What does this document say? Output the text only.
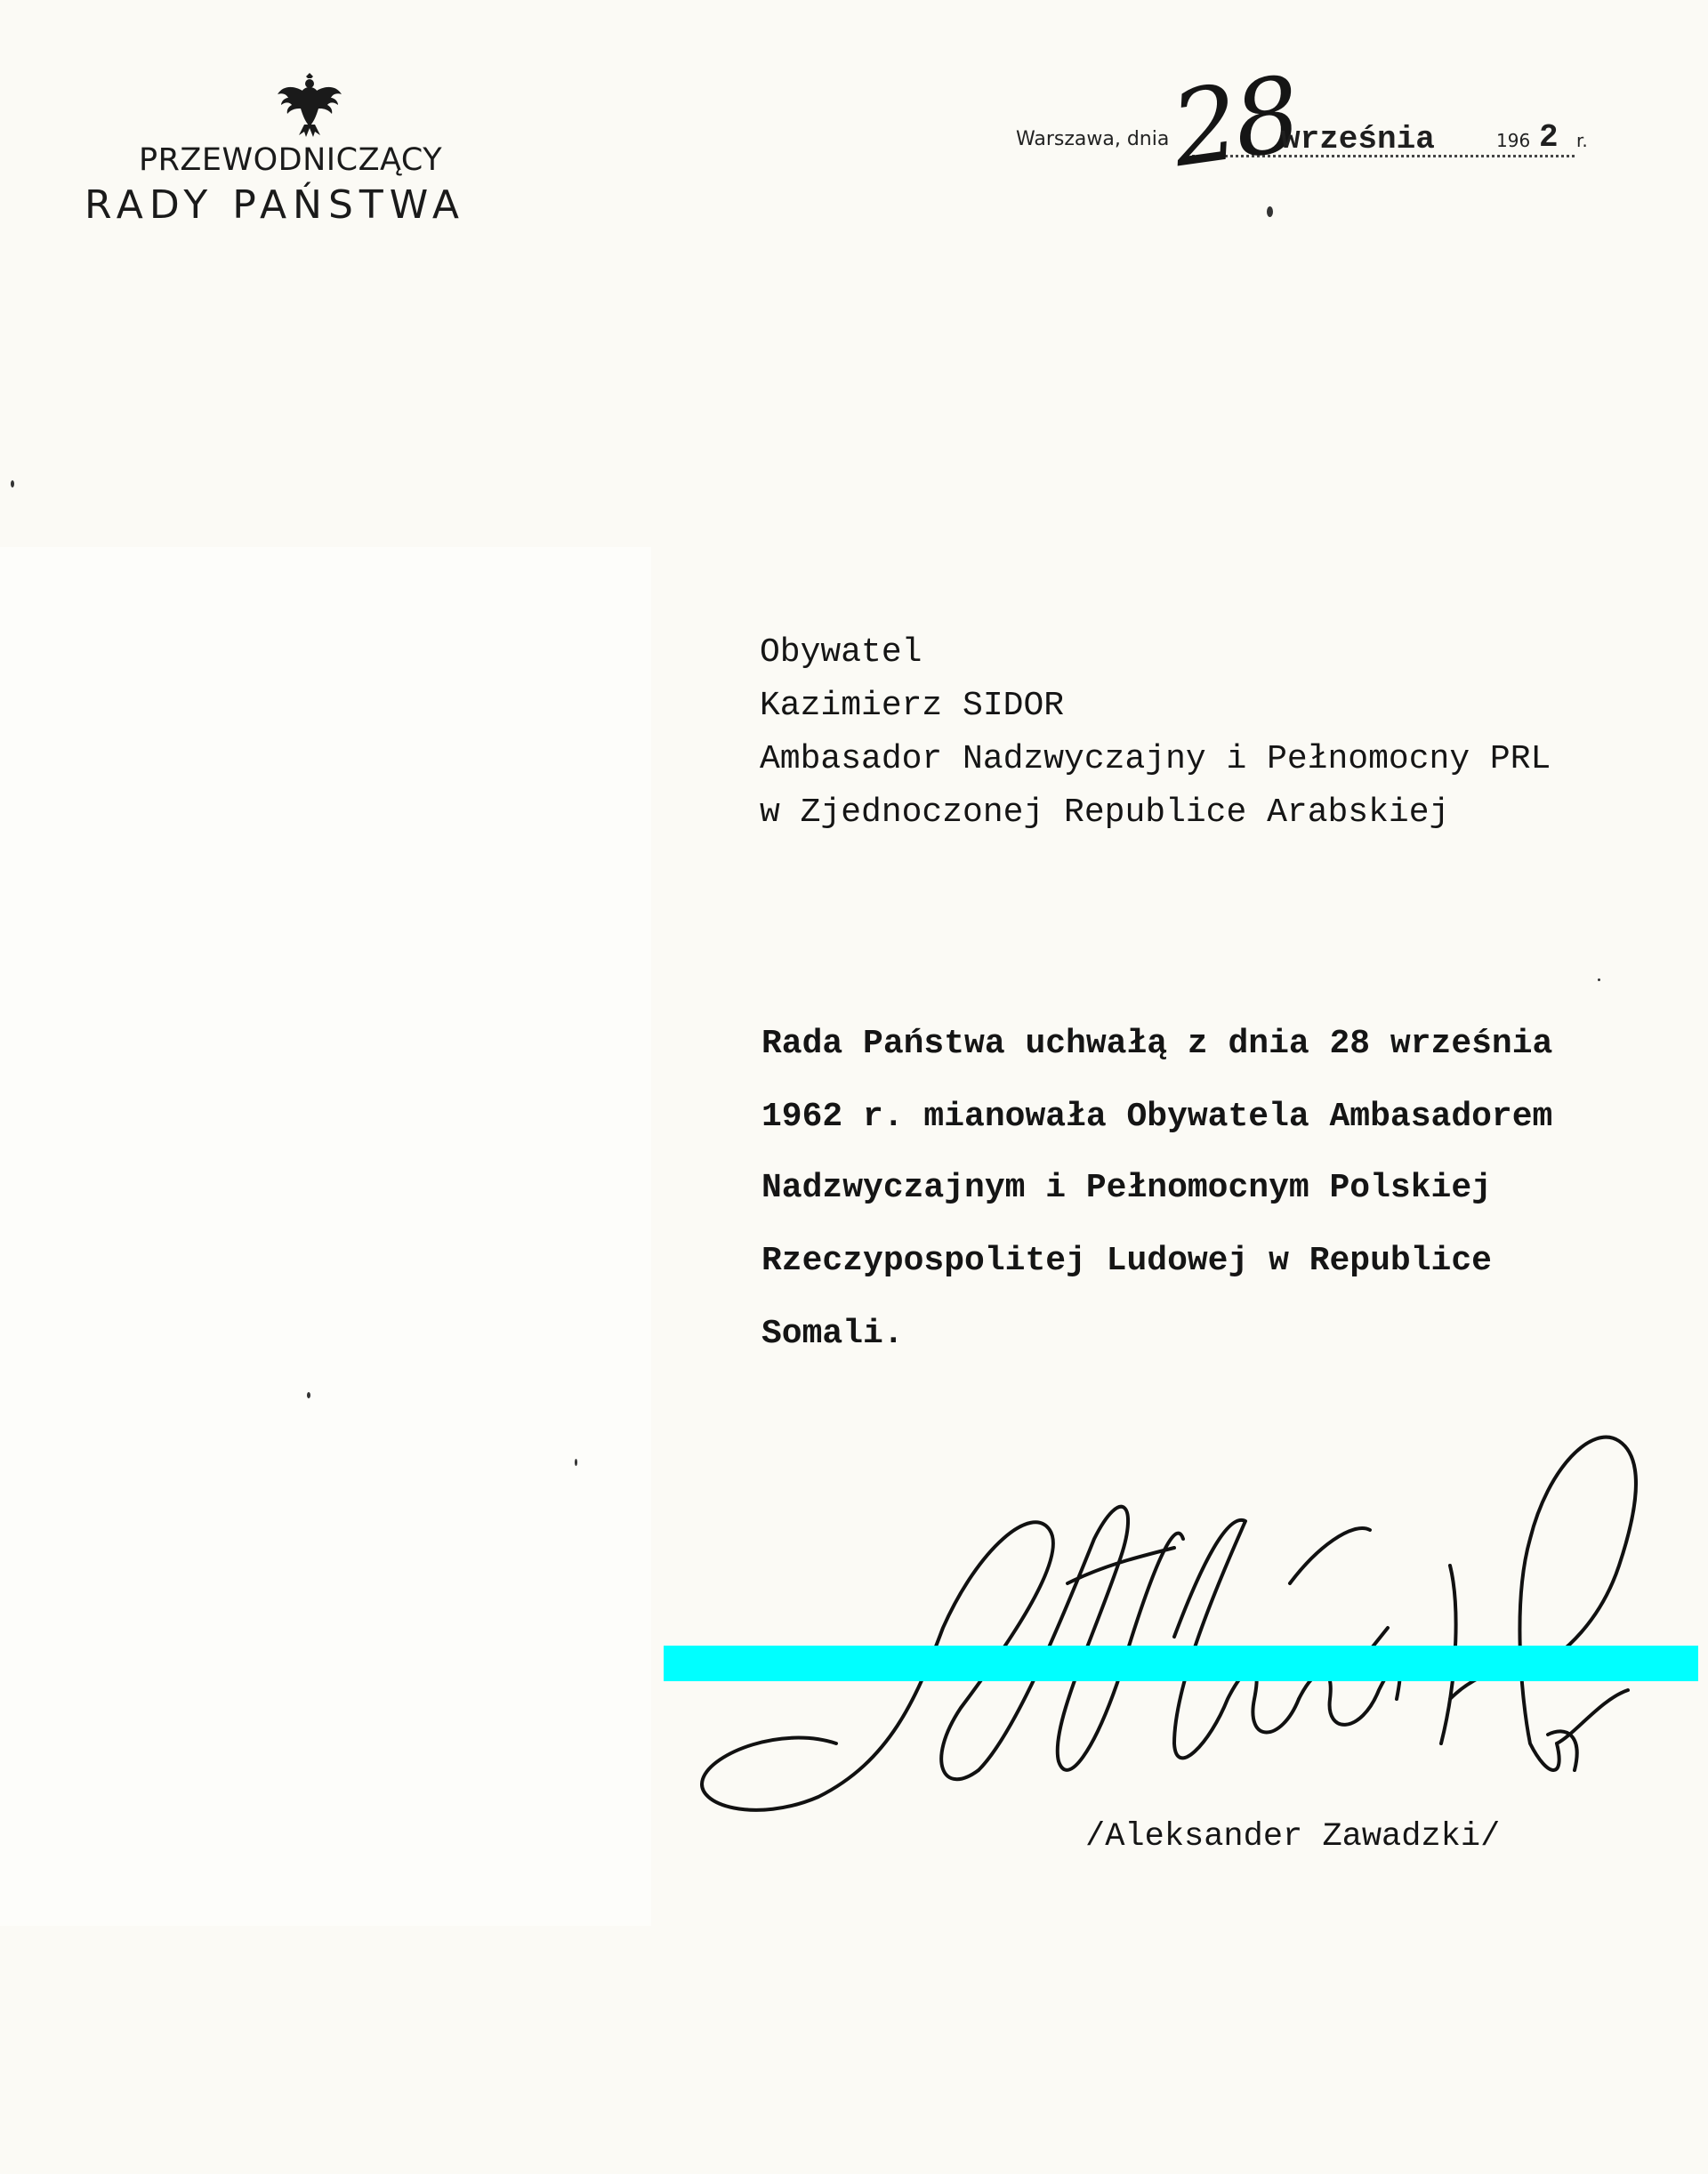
PRZEWODNICZĄCY
RADY PAŃSTWA
Warszawa, dnia
28
września	196 2 r.
Obywatel
Kazimierz SIDOR
Ambasador Nadzwyczajny i Pełnomocny PRL
w Zjednoczonej Republice Arabskiej
Rada Państwa uchwałą z dnia 28 września
1962 r. mianowała Obywatela Ambasadorem
Nadzwyczajnym i Pełnomocnym Polskiej
Rzeczypospolitej Ludowej w Republice
Somali.
/Aleksander Zawadzki/
